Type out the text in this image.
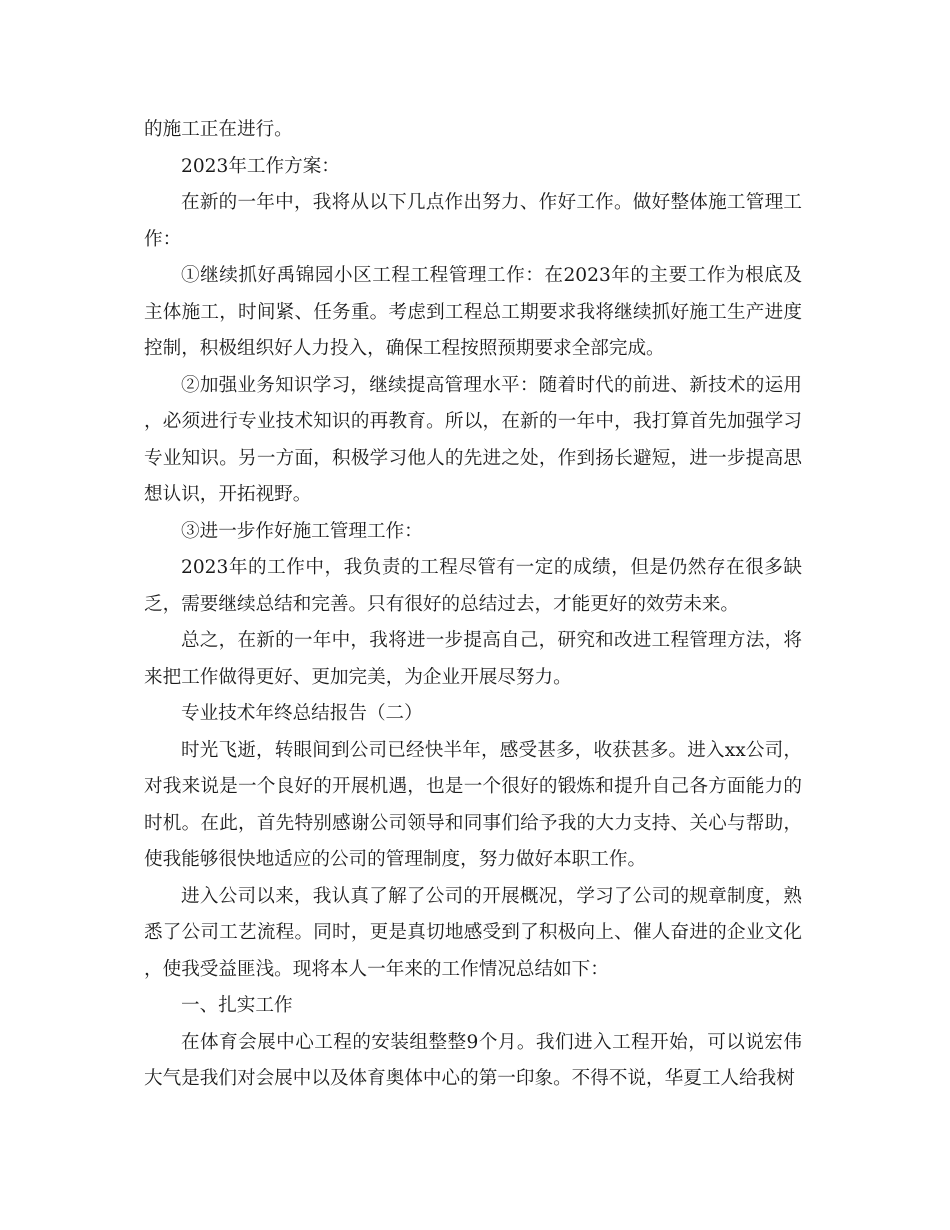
的施工正在进行。

2023年工作方案：

在新的一年中，我将从以下几点作出努力、作好工作。做好整体施工管理工作：

①继续抓好禹锦园小区工程工程管理工作：在2023年的主要工作为根底及主体施工，时间紧、任务重。考虑到工程总工期要求我将继续抓好施工生产进度控制，积极组织好人力投入，确保工程按照预期要求全部完成。

②加强业务知识学习，继续提高管理水平：随着时代的前进、新技术的运用，必须进行专业技术知识的再教育。所以，在新的一年中，我打算首先加强学习专业知识。另一方面，积极学习他人的先进之处，作到扬长避短，进一步提高思想认识，开拓视野。

③进一步作好施工管理工作：

2023年的工作中，我负责的工程尽管有一定的成绩，但是仍然存在很多缺乏，需要继续总结和完善。只有很好的总结过去，才能更好的效劳未来。

总之，在新的一年中，我将进一步提高自己，研究和改进工程管理方法，将来把工作做得更好、更加完美，为企业开展尽努力。

专业技术年终总结报告（二）

时光飞逝，转眼间到公司已经快半年，感受甚多，收获甚多。进入xx公司，对我来说是一个良好的开展机遇，也是一个很好的锻炼和提升自己各方面能力的时机。在此，首先特别感谢公司领导和同事们给予我的大力支持、关心与帮助，使我能够很快地适应的公司的管理制度，努力做好本职工作。

进入公司以来，我认真了解了公司的开展概况，学习了公司的规章制度，熟悉了公司工艺流程。同时，更是真切地感受到了积极向上、催人奋进的企业文化，使我受益匪浅。现将本人一年来的工作情况总结如下：

一、扎实工作

在体育会展中心工程的安装组整整9个月。我们进入工程开始，可以说宏伟大气是我们对会展中以及体育奥体中心的第一印象。不得不说，华夏工人给我树
